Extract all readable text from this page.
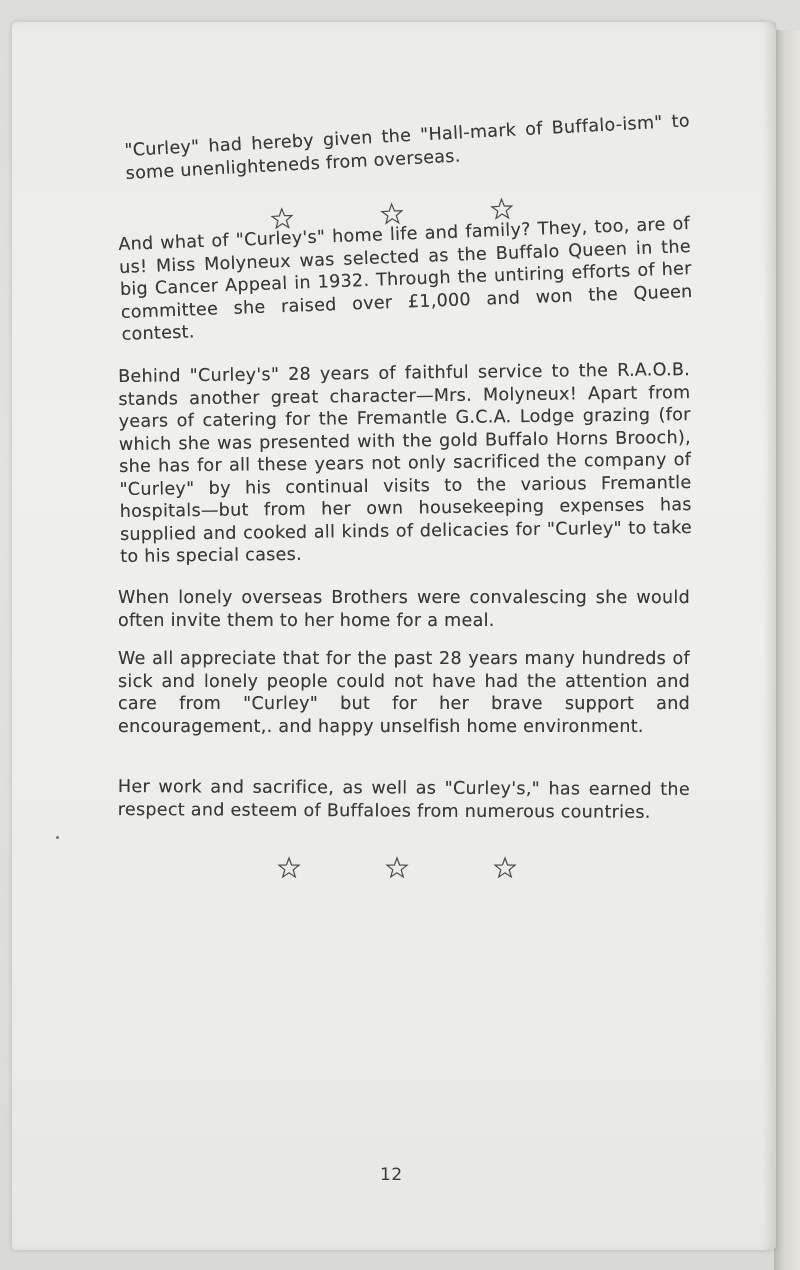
"Curley" had hereby given the "Hall-mark of Buffalo-ism" to some unenlighteneds from overseas.

And what of "Curley's" home life and family? They, too, are of us! Miss Molyneux was selected as the Buffalo Queen in the big Cancer Appeal in 1932. Through the untiring efforts of her committee she raised over £1,000 and won the Queen contest.

Behind "Curley's" 28 years of faithful service to the R.A.O.B. stands another great character—Mrs. Molyneux! Apart from years of catering for the Fremantle G.C.A. Lodge grazing (for which she was presented with the gold Buffalo Horns Brooch), she has for all these years not only sacrificed the company of "Curley" by his continual visits to the various Fremantle hospitals—but from her own housekeeping expenses has supplied and cooked all kinds of delicacies for "Curley" to take to his special cases.

When lonely overseas Brothers were convalescing she would often invite them to her home for a meal.

We all appreciate that for the past 28 years many hundreds of sick and lonely people could not have had the attention and care from "Curley" but for her brave support and encouragement,. and happy unselfish home environment.

Her work and sacrifice, as well as "Curley's," has earned the respect and esteem of Buffaloes from numerous countries.

12
